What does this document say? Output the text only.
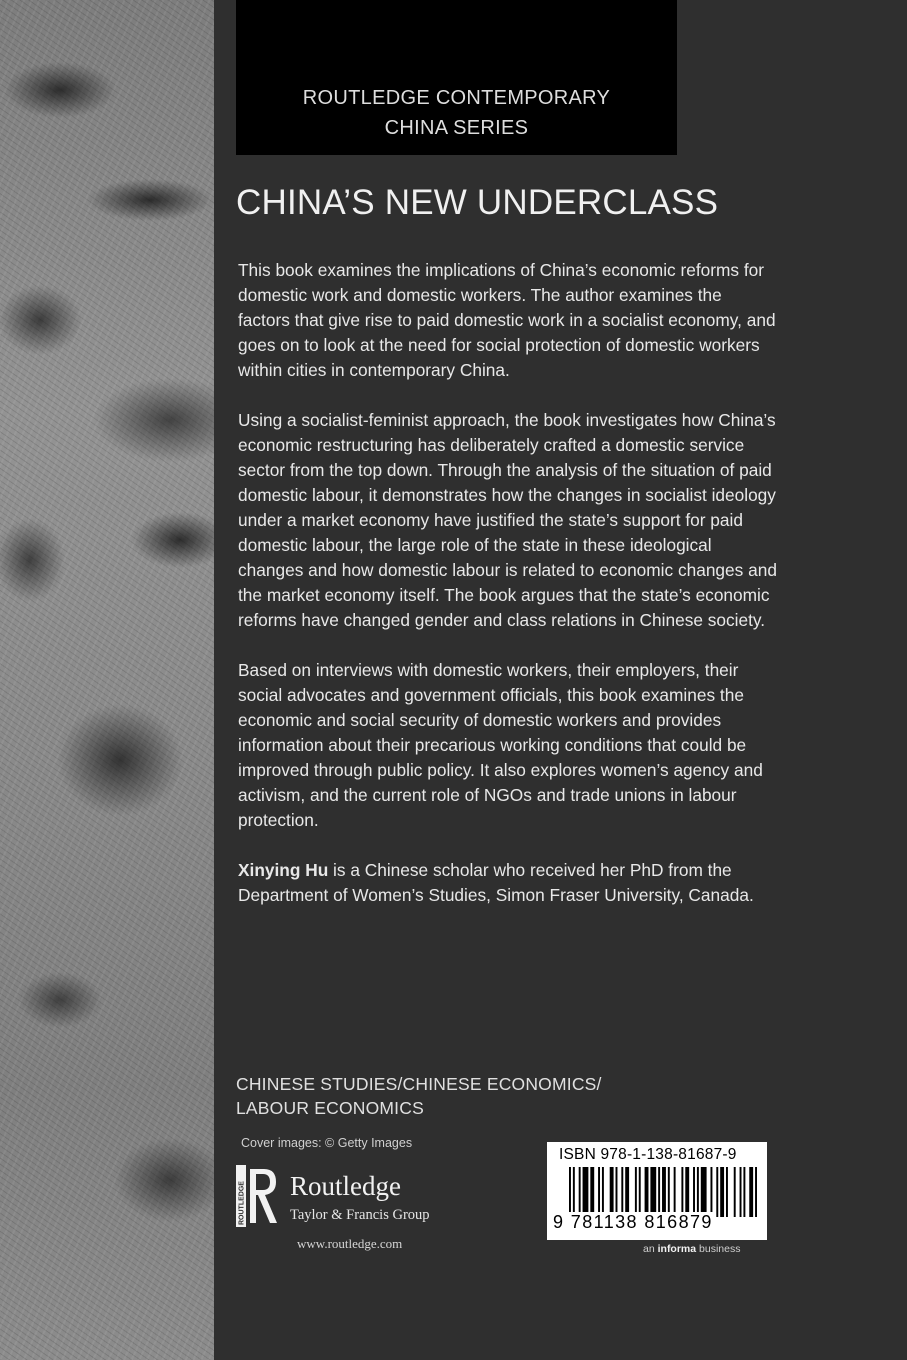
ROUTLEDGE CONTEMPORARY
CHINA SERIES
CHINA’S NEW UNDERCLASS

This book examines the implications of China’s economic reforms for domestic work and domestic workers. The author examines the factors that give rise to paid domestic work in a socialist economy, and goes on to look at the need for social protection of domestic workers within cities in contemporary China.

Using a socialist-feminist approach, the book investigates how China’s economic restructuring has deliberately crafted a domestic service sector from the top down. Through the analysis of the situation of paid domestic labour, it demonstrates how the changes in socialist ideology under a market economy have justified the state’s support for paid domestic labour, the large role of the state in these ideological changes and how domestic labour is related to economic changes and the market economy itself. The book argues that the state’s economic reforms have changed gender and class relations in Chinese society.

Based on interviews with domestic workers, their employers, their social advocates and government officials, this book examines the economic and social security of domestic workers and provides information about their precarious working conditions that could be improved through public policy. It also explores women’s agency and activism, and the current role of NGOs and trade unions in labour protection.

Xinying Hu is a Chinese scholar who received her PhD from the Department of Women’s Studies, Simon Fraser University, Canada.

CHINESE STUDIES/CHINESE ECONOMICS/
LABOUR ECONOMICS
Cover images: © Getty Images
ROUTLEDGE Routledge
Taylor & Francis Group
www.routledge.com
ISBN 978-1-138-81687-9
9 781138 816879
an informa business
